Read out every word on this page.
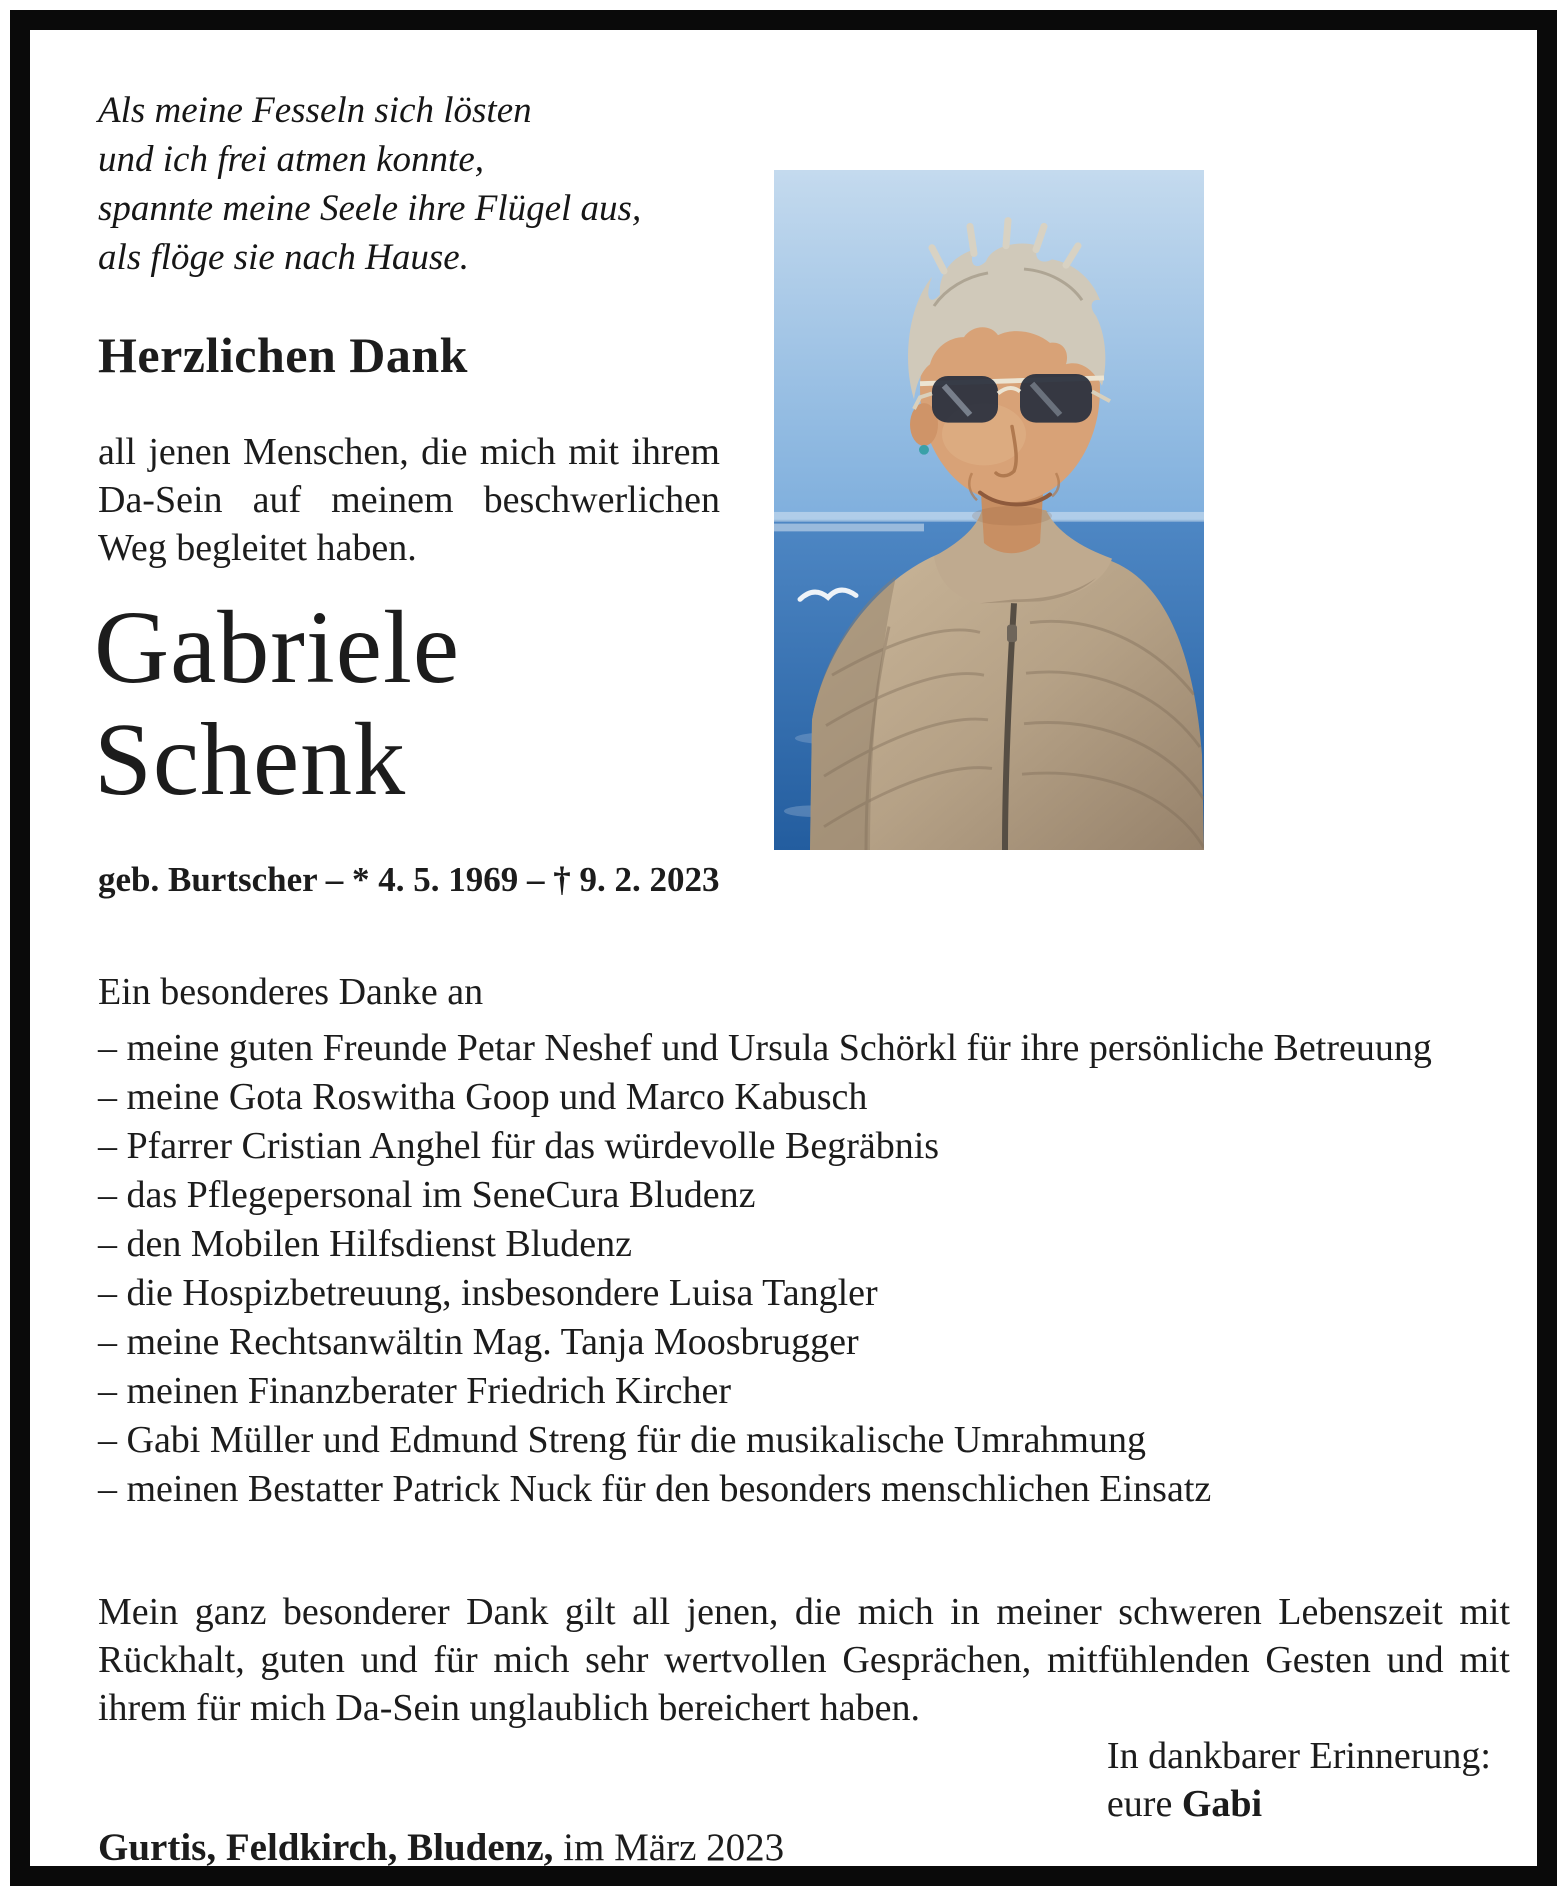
Als meine Fesseln sich lösten
und ich frei atmen konnte,
spannte meine Seele ihre Flügel aus,
als flöge sie nach Hause.
Herzlichen Dank

all jenen Menschen, die mich mit ihrem Da-Sein auf meinem beschwerlichen Weg begleitet haben.

Gabriele
Schenk
geb. Burtscher – * 4. 5. 1969 – † 9. 2. 2023
Ein besonderes Danke an
– meine guten Freunde Petar Neshef und Ursula Schörkl für ihre persönliche Betreuung
– meine Gota Roswitha Goop und Marco Kabusch
– Pfarrer Cristian Anghel für das würdevolle Begräbnis
– das Pflegepersonal im SeneCura Bludenz
– den Mobilen Hilfsdienst Bludenz
– die Hospizbetreuung, insbesondere Luisa Tangler
– meine Rechtsanwältin Mag. Tanja Moosbrugger
– meinen Finanzberater Friedrich Kircher
– Gabi Müller und Edmund Streng für die musikalische Umrahmung
– meinen Bestatter Patrick Nuck für den besonders menschlichen Einsatz

Mein ganz besonderer Dank gilt all jenen, die mich in meiner schweren Lebenszeit mit Rückhalt, guten und für mich sehr wertvollen Gesprächen, mitfühlenden Gesten und mit ihrem für mich Da-Sein unglaublich bereichert haben.

In dankbarer Erinnerung:
eure Gabi
Gurtis, Feldkirch, Bludenz, im März 2023
